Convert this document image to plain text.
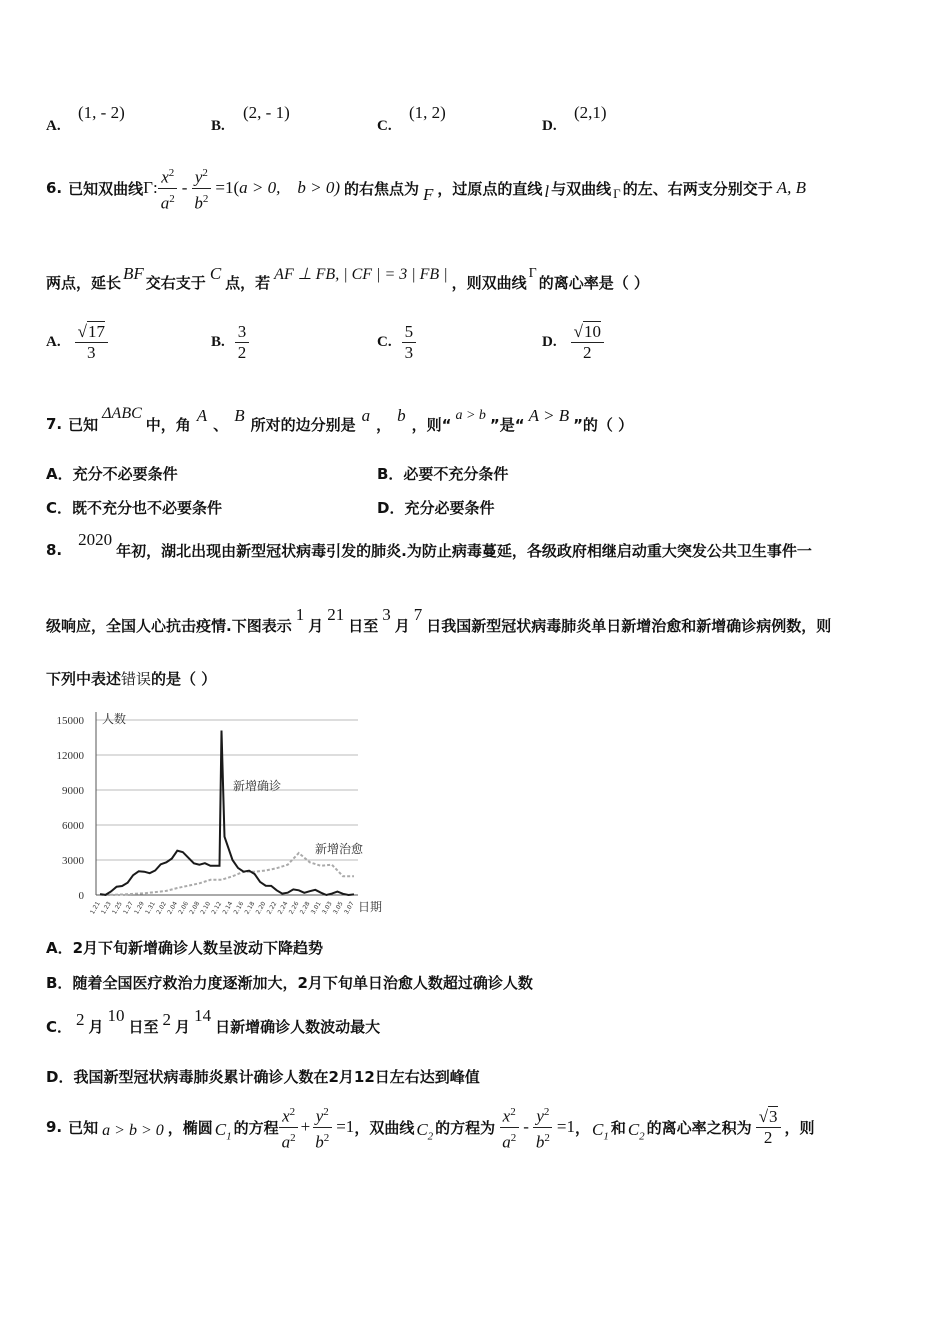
A.
(1, - 2)
B.
(2, - 1)
C.
(1, 2)
D.
(2,1)
6. 已知双曲线 Γ : $\frac{x^2}{a^2} - \frac{y^2}{b^2} =1$( a > 0,    b > 0) 的右焦点为 F ，过原点的直线 l 与双曲线 Γ 的左、右两支分别交于 A, B
两点，延长 BF 交右支于 C 点，若 AF ⊥ FB, | CF | = 3 | FB | ，则双曲线 Γ 的离心率是（ ）
A. $\frac{√17}{3}$	B. $\frac{3}{2}$	C. $\frac{5}{3}$	D. $\frac{√10}{2}$
7. 已知
ΔABC
中，角 A 、 B 所对的边分别是 a ， b ，则“ a > b ”是“ A > B ”的（ ）
A．充分不必要条件	B．必要不充分条件
C．既不充分也不必要条件	D．充分必要条件
8.
2020
年初，湖北出现由新型冠状病毒引发的肺炎.为防止病毒蔓延，各级政府相继启动重大突发公共卫生事件一
级响应，全国人心抗击疫情.下图表示
1
月
21
日至
3
月
7
日我国新型冠状病毒肺炎单日新增治愈和新增确诊病例数，则
下列中表述错误的是（ ）
15000
12000
9000
6000
3000
0
1.21
1.23
1.25
1.27
1.29
1.31
2.02
2.04
2.06
2.08
2.10
2.12
2.14
2.16
2.18
2.20
2.22
2.24
2.26
2.28
3.01
3.03
3.05
3.07
人数
日期
新增确诊
新增治愈
A．2月下旬新增确诊人数呈波动下降趋势
B．随着全国医疗救治力度逐渐加大，2月下旬单日治愈人数超过确诊人数
C． 2 月
10
日至 2 月
14
日新增确诊人数波动最大
D．我国新型冠状病毒肺炎累计确诊人数在2月12日左右达到峰值
9. 已知 a > b > 0 ，椭圆 $C_1$ 的方程 $\frac{x^2}{a^2} + \frac{y^2}{b^2} =1$ ，双曲线 $C_2$ 的方程为 $\frac{x^2}{a^2} - \frac{y^2}{b^2} =1$ ， $C_1$ 和 $C_2$ 的离心率之积为 $\frac{√3}{2}$ ，则
